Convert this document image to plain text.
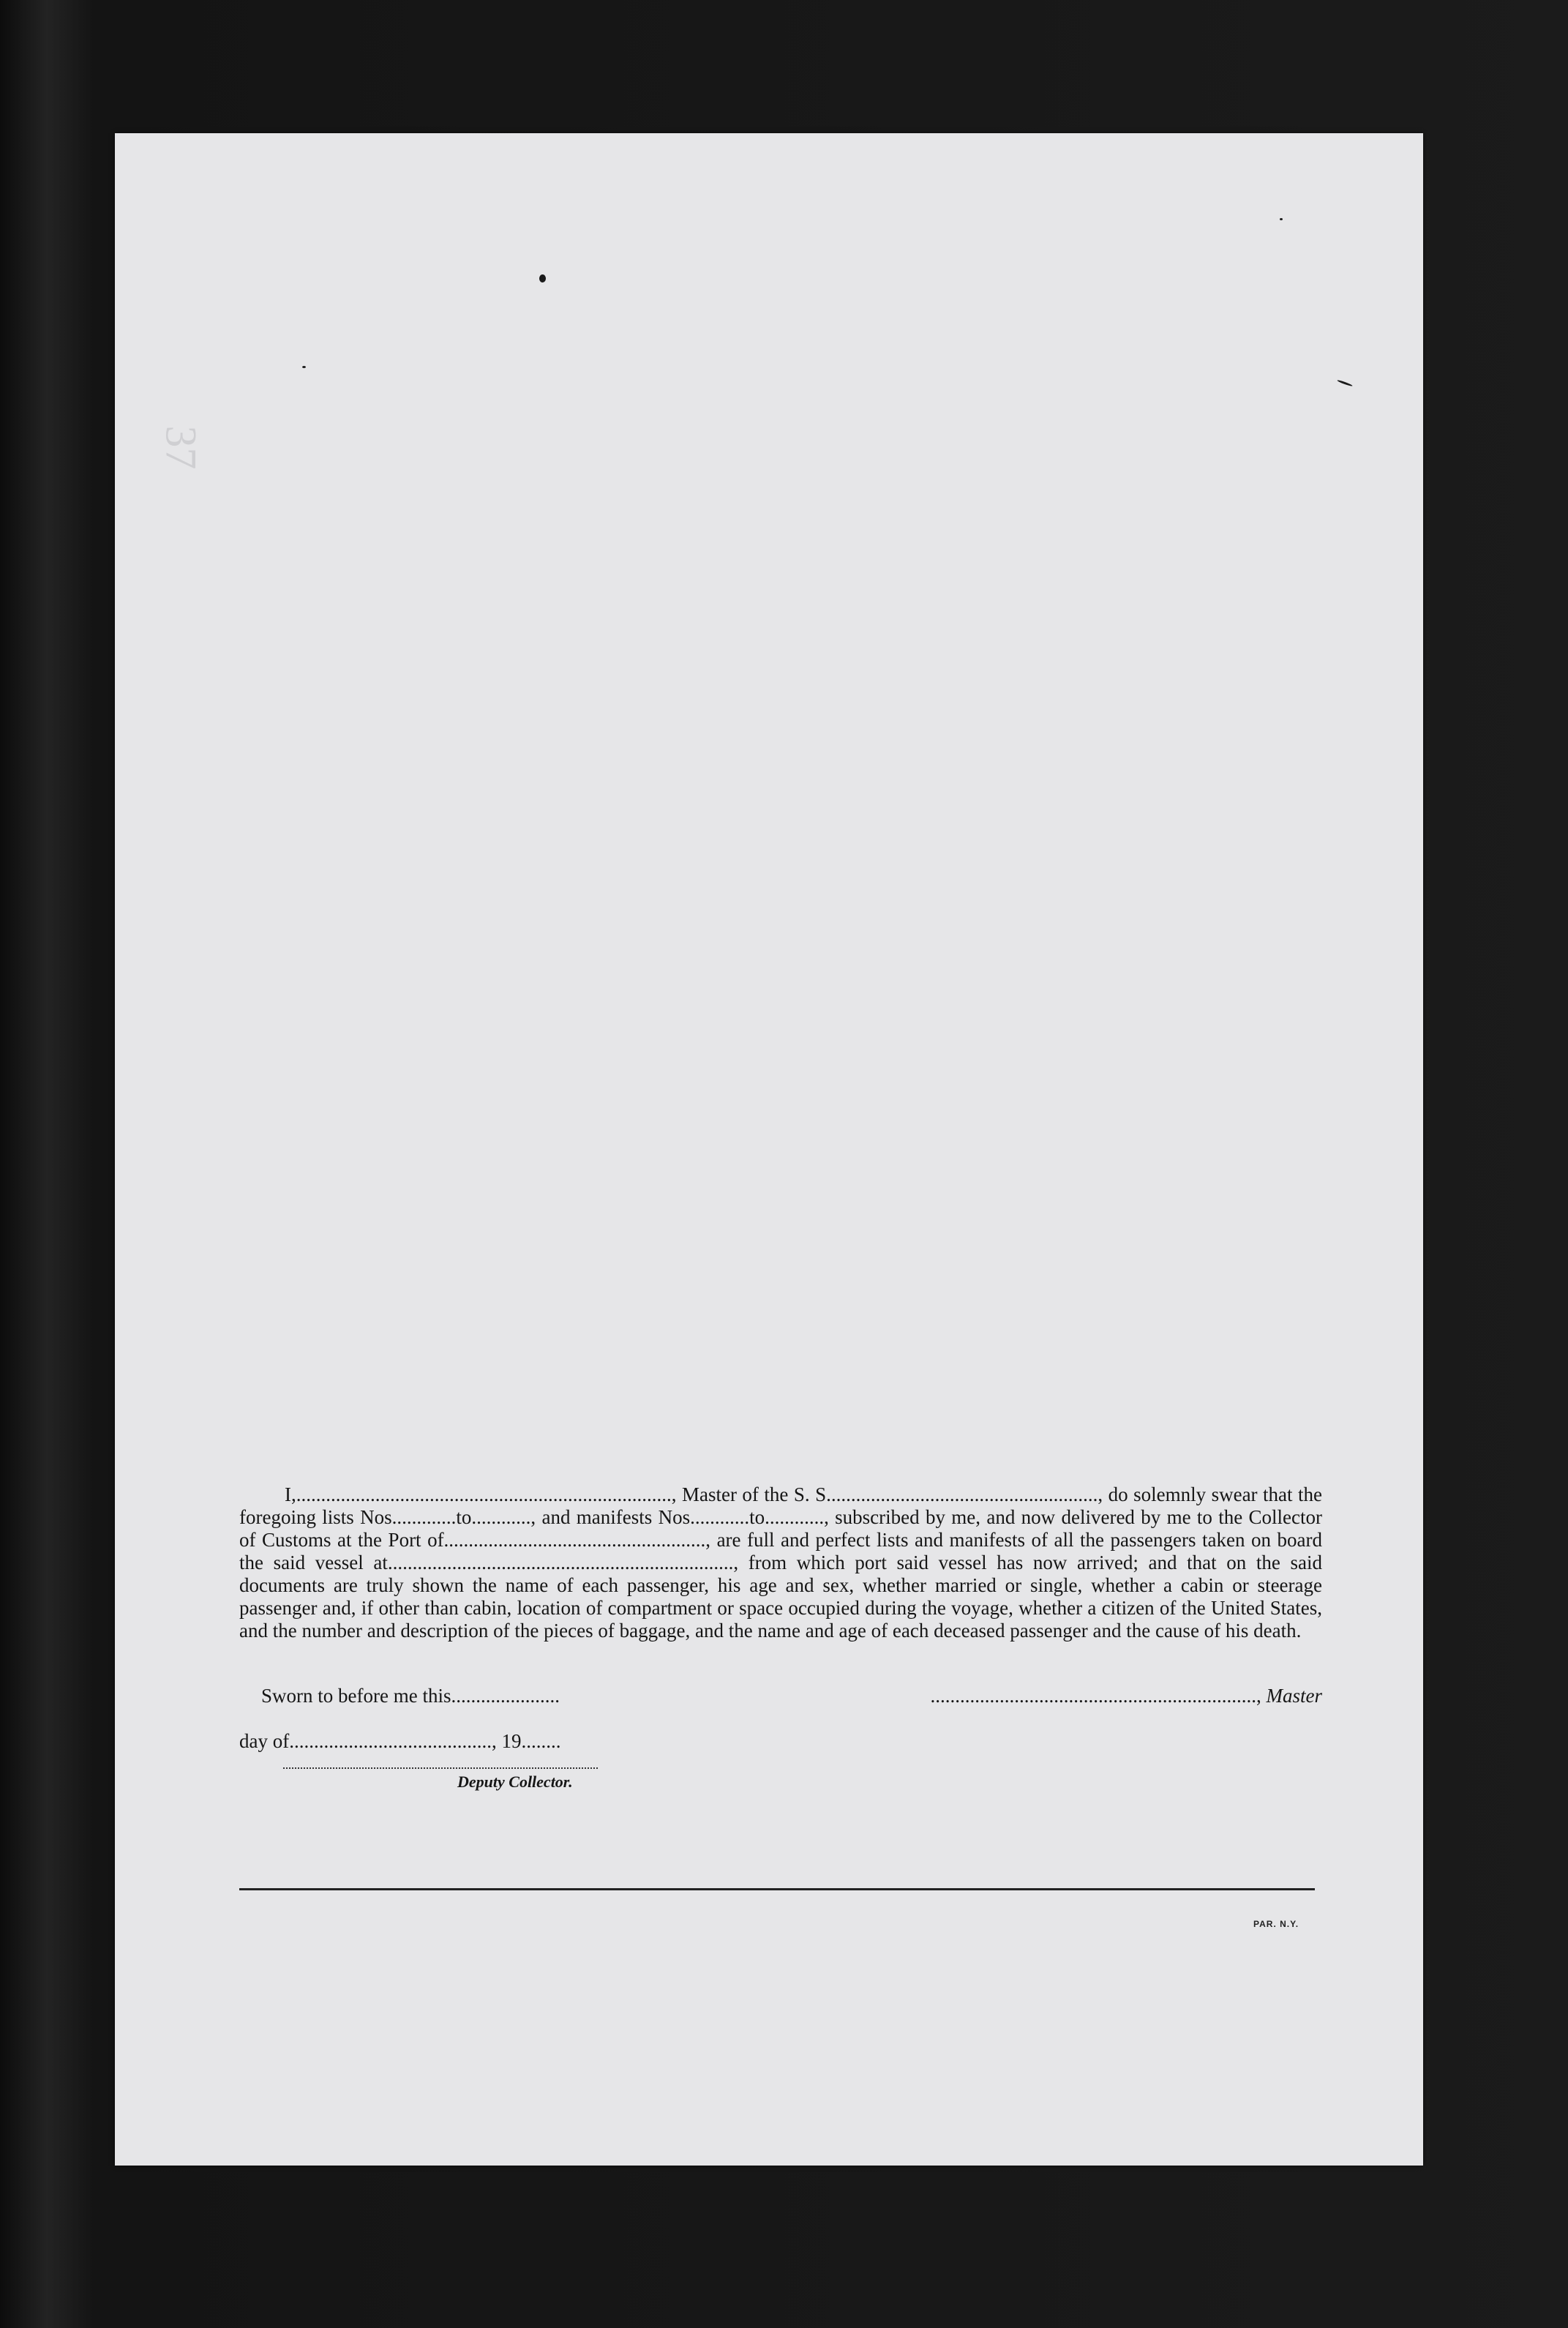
37

I,............................................................................, Master of the S. S......................................................., do solemnly swear that the foregoing lists Nos.............to............, and manifests Nos............to............, subscribed by me, and now delivered by me to the Collector of Customs at the Port of....................................................., are full and perfect lists and manifests of all the passengers taken on board the said vessel at......................................................................, from which port said vessel has now arrived; and that on the said documents are truly shown the name of each passenger, his age and sex, whether married or single, whether a cabin or steerage passenger and, if other than cabin, location of compartment or space occupied during the voyage, whether a citizen of the United States, and the number and description of the pieces of baggage, and the name and age of each deceased passenger and the cause of his death.

Sworn to before me this......................	.................................................................., Master
day of........................................., 19........
Deputy Collector.
PAR. N.Y.
